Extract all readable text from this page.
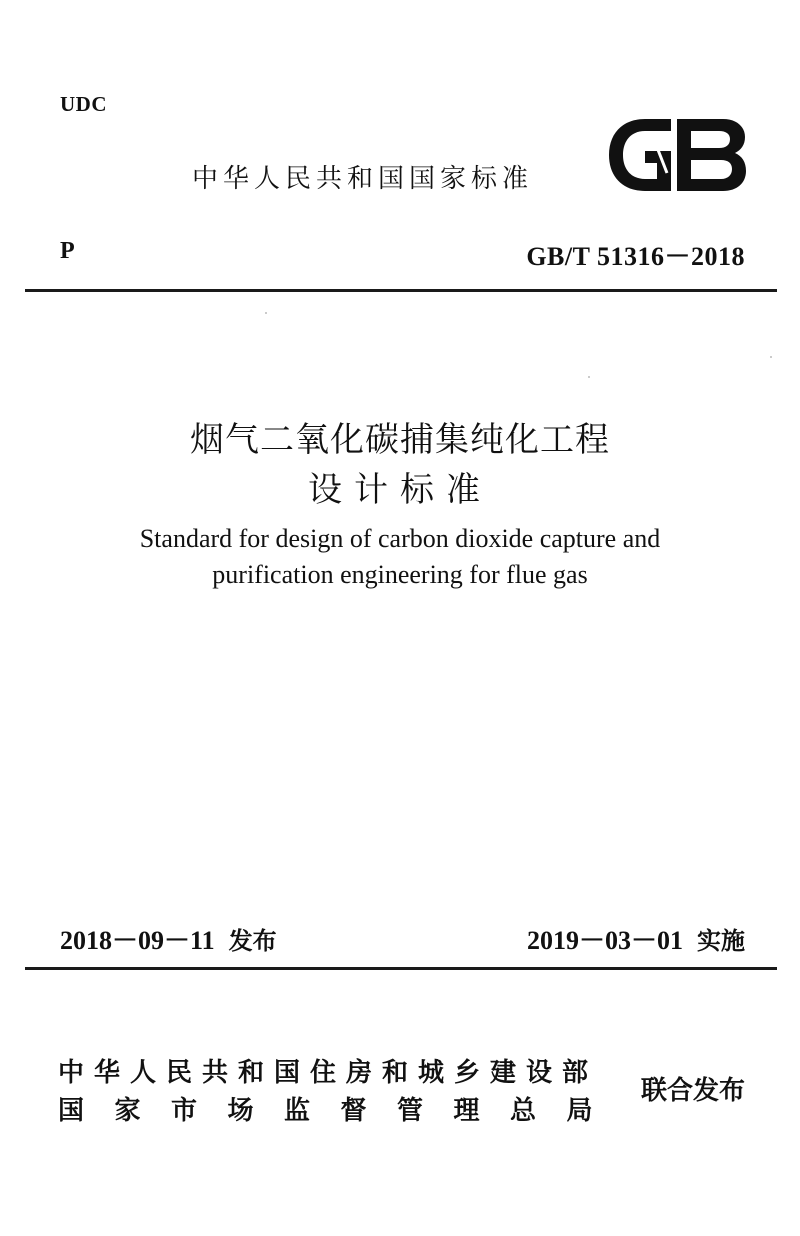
UDC
中华人民共和国国家标准
P	GB/T 51316－2018
烟气二氧化碳捕集纯化工程
设计标准
Standard for design of carbon dioxide capture and
purification engineering for flue gas
2018－09－11 发布	2019－03－01 实施
中华人民共和国住房和城乡建设部
国家市场监督管理总局
联合发布
